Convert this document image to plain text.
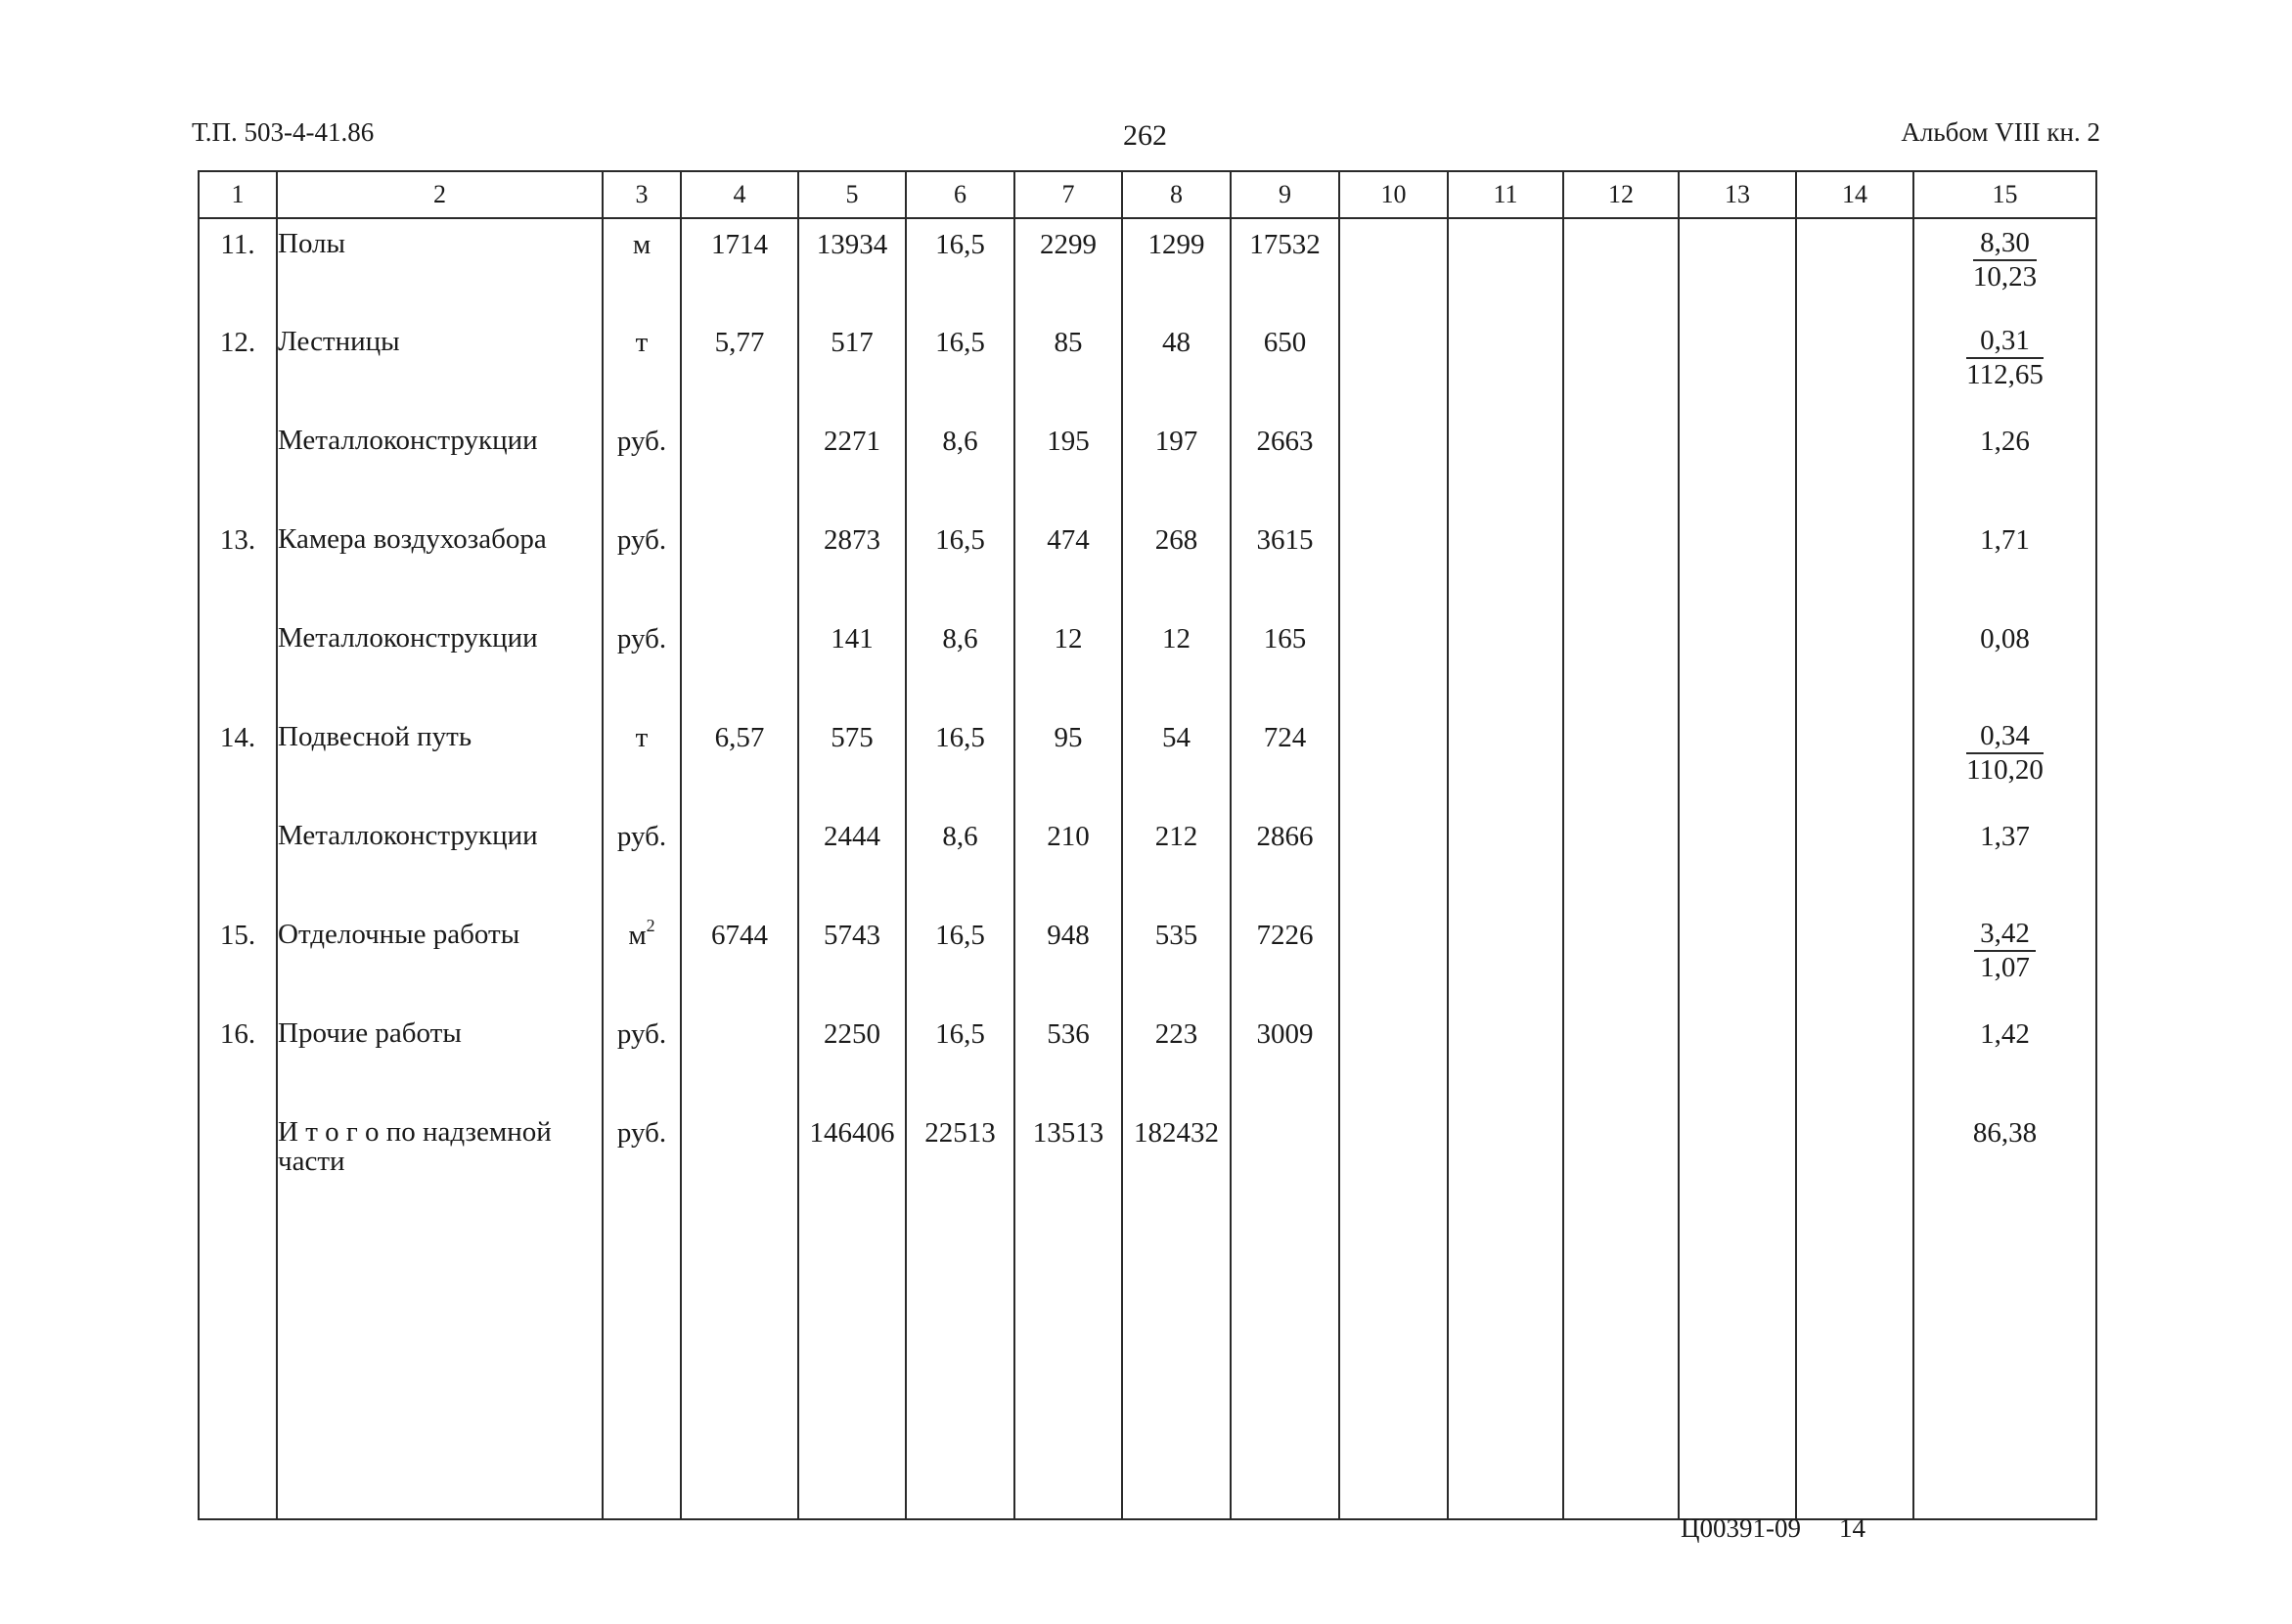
Т.П. 503-4-41.86	262	Альбом VIII кн. 2
1	2	3	4	5	6	7	8	9	10	11	12	13	14	15
11.	Полы	м	1714	13934	16,5	2299	1299	17532						$\frac{8,30}{10,23}$

12.	Лестницы	т	5,77	517	16,5	85	48	650						$\frac{0,31}{112,65}$

	Металлоконструкции	руб.		2271	8,6	195	197	2663						1,26
13.	Камера воздухозабора	руб.		2873	16,5	474	268	3615						1,71
	Металлоконструкции	руб.		141	8,6	12	12	165						0,08
14.	Подвесной путь	т	6,57	575	16,5	95	54	724						$\frac{0,34}{110,20}$

	Металлоконструкции	руб.		2444	8,6	210	212	2866						1,37
15.	Отделочные работы	$м^2$	6744	5743	16,5	948	535	7226						$\frac{3,42}{1,07}$

16.	Прочие работы	руб.		2250	16,5	536	223	3009						1,42
	И т о г о по надземной части	руб.		146406	22513	13513	182432							86,38

Ц00391-09 14
